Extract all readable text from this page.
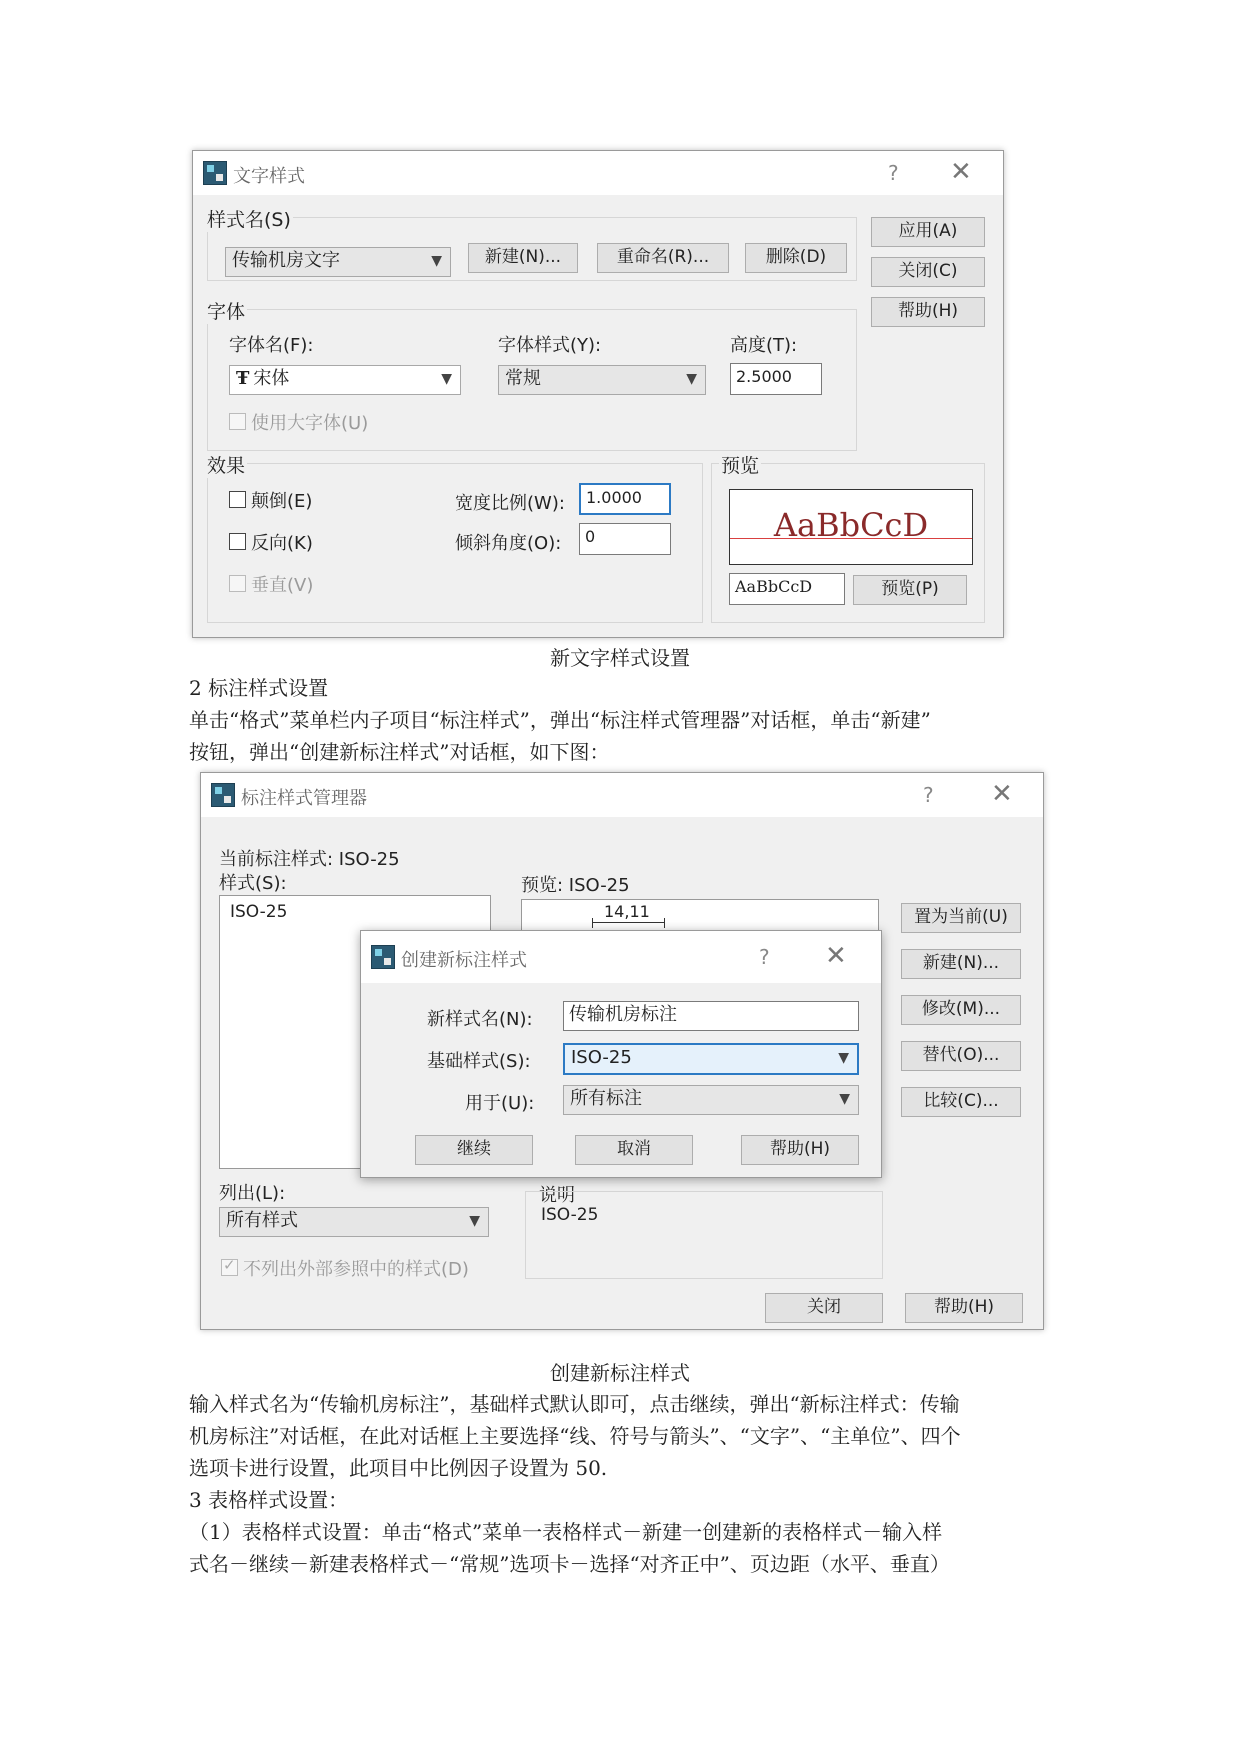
文字样式	? ✕
样式名(S)
传输机房文字	▼	新建(N)...	重命名(R)...	删除(D)
应用(A)
关闭(C)
帮助(H)
字体
字体名(F):
Ŧ 宋体	▼
字体样式(Y):
常规	▼
高度(T):
2.5000
使用大字体(U)
效果
颠倒(E)
反向(K)
垂直(V)
宽度比例(W):	1.0000
倾斜角度(O):	0
预览
AaBbCcD
AaBbCcD	预览(P)
新文字样式设置
2 标注样式设置
单击“格式”菜单栏内子项目“标注样式”，弹出“标注样式管理器”对话框，单击“新建”
按钮，弹出“创建新标注样式”对话框，如下图：
标注样式管理器	? ✕
当前标注样式: ISO-25
样式(S):
ISO-25
预览: ISO-25
14,11	置为当前(U)
新建(N)...
修改(M)...
替代(O)...
比较(C)...
列出(L):
所有样式	▼
✓ 不列出外部参照中的样式(D)
说明
ISO-25
关闭	帮助(H)
创建新标注样式	? ✕
新样式名(N):	传输机房标注
基础样式(S):	ISO-25	▼
用于(U):	所有标注	▼
继续	取消	帮助(H)
创建新标注样式
输入样式名为“传输机房标注”，基础样式默认即可，点击继续，弹出“新标注样式：传输
机房标注”对话框，在此对话框上主要选择“线、符号与箭头”、“文字”、“主单位”、四个
选项卡进行设置，此项目中比例因子设置为 50.
3 表格样式设置：
（1）表格样式设置：单击“格式”菜单一表格样式－新建一创建新的表格样式－输入样
式名－继续－新建表格样式－“常规”选项卡－选择“对齐正中”、页边距（水平、垂直）
